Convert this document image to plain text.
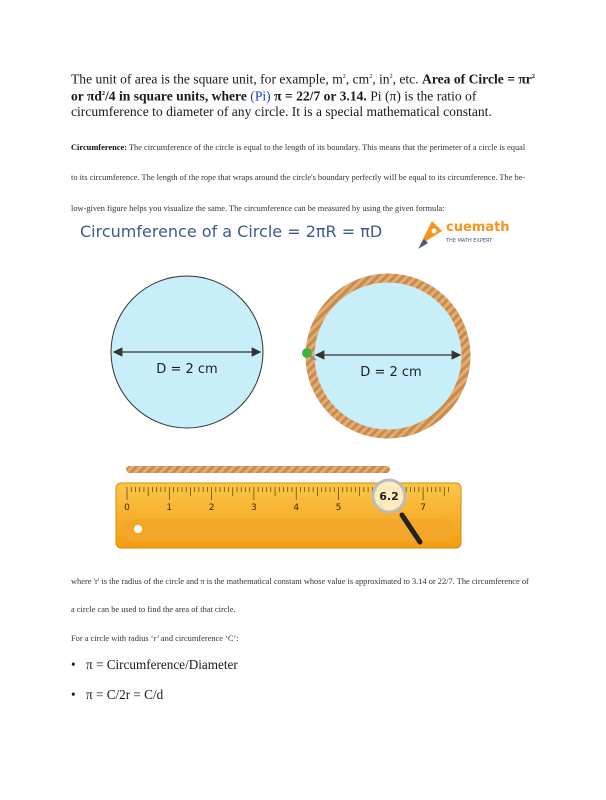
The unit of area is the square unit, for example, $m^2$, $cm^2$, $in^2$, etc. Area of Circle = $\pi r^2$ or $\pi d^2/4$ in square units, where (Pi) π = 22/7 or 3.14. Pi (π) is the ratio of circumference to diameter of any circle. It is a special mathematical constant.
Circumference: The circumference of the circle is equal to the length of its boundary. This means that the perimeter of a circle is equal
to its circumference. The length of the rope that wraps around the circle's boundary perfectly will be equal to its circumference. The be-
low-given figure helps you visualize the same. The circumference can be measured by using the given formula:
Circumference of a Circle = 2πR = πD	cuemath
THE MATH EXPERT
D = 2 cm	D = 2 cm
0	1	2	3	4	5	7
6.2
where 'r' is the radius of the circle and π is the mathematical constant whose value is approximated to 3.14 or 22/7. The circumference of
a circle can be used to find the area of that circle.
For a circle with radius ‘r’ and circumference ‘C’:
• π = Circumference/Diameter
• π = C/2r = C/d
